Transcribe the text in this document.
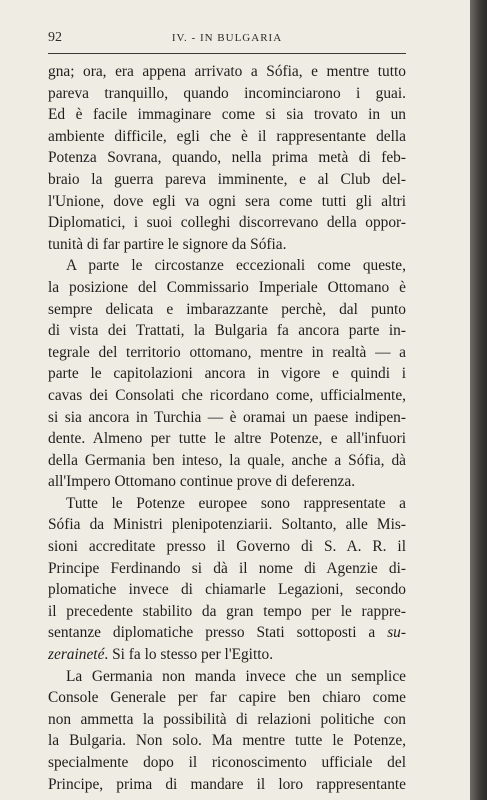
92	IV. - IN BULGARIA
gna; ora, era appena arrivato a Sófia, e mentre tutto
pareva tranquillo, quando incominciarono i guai.
Ed è facile immaginare come si sia trovato in un
ambiente difficile, egli che è il rappresentante della
Potenza Sovrana, quando, nella prima metà di feb-
braio la guerra pareva imminente, e al Club del-
l'Unione, dove egli va ogni sera come tutti gli altri
Diplomatici, i suoi colleghi discorrevano della oppor-
tunità di far partire le signore da Sófia.
A parte le circostanze eccezionali come queste,
la posizione del Commissario Imperiale Ottomano è
sempre delicata e imbarazzante perchè, dal punto
di vista dei Trattati, la Bulgaria fa ancora parte in-
tegrale del territorio ottomano, mentre in realtà — a
parte le capitolazioni ancora in vigore e quindi i
cavas dei Consolati che ricordano come, ufficialmente,
si sia ancora in Turchia — è oramai un paese indipen-
dente. Almeno per tutte le altre Potenze, e all'infuori
della Germania ben inteso, la quale, anche a Sófia, dà
all'Impero Ottomano continue prove di deferenza.
Tutte le Potenze europee sono rappresentate a
Sófia da Ministri plenipotenziarii. Soltanto, alle Mis-
sioni accreditate presso il Governo di S. A. R. il
Principe Ferdinando si dà il nome di Agenzie di-
plomatiche invece di chiamarle Legazioni, secondo
il precedente stabilito da gran tempo per le rappre-
sentanze diplomatiche presso Stati sottoposti a su-
zeraineté. Si fa lo stesso per l'Egitto.
La Germania non manda invece che un semplice
Console Generale per far capire ben chiaro come
non ammetta la possibilità di relazioni politiche con
la Bulgaria. Non solo. Ma mentre tutte le Potenze,
specialmente dopo il riconoscimento ufficiale del
Principe, prima di mandare il loro rappresentante
